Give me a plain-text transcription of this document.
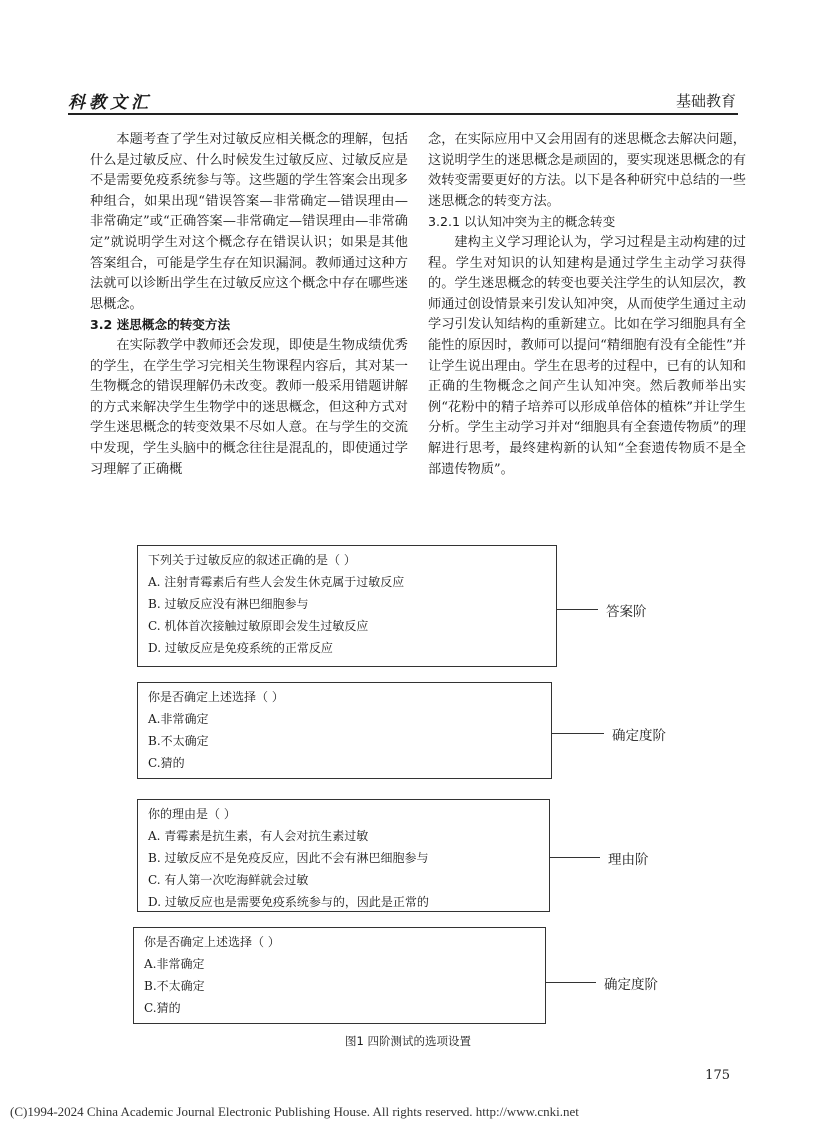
科教文汇	基础教育

本题考查了学生对过敏反应相关概念的理解，包括什么是过敏反应、什么时候发生过敏反应、过敏反应是不是需要免疫系统参与等。这些题的学生答案会出现多种组合，如果出现“错误答案—非常确定—错误理由—非常确定”或“正确答案—非常确定—错误理由—非常确定”就说明学生对这个概念存在错误认识；如果是其他答案组合，可能是学生存在知识漏洞。教师通过这种方法就可以诊断出学生在过敏反应这个概念中存在哪些迷思概念。

3.2 迷思概念的转变方法

在实际教学中教师还会发现，即使是生物成绩优秀的学生，在学生学习完相关生物课程内容后，其对某一生物概念的错误理解仍未改变。教师一般采用错题讲解的方式来解决学生生物学中的迷思概念，但这种方式对学生迷思概念的转变效果不尽如人意。在与学生的交流中发现，学生头脑中的概念往往是混乱的，即使通过学习理解了正确概

念，在实际应用中又会用固有的迷思概念去解决问题，这说明学生的迷思概念是顽固的，要实现迷思概念的有效转变需要更好的方法。以下是各种研究中总结的一些迷思概念的转变方法。

3.2.1 以认知冲突为主的概念转变

建构主义学习理论认为，学习过程是主动构建的过程。学生对知识的认知建构是通过学生主动学习获得的。学生迷思概念的转变也要关注学生的认知层次，教师通过创设情景来引发认知冲突，从而使学生通过主动学习引发认知结构的重新建立。比如在学习细胞具有全能性的原因时，教师可以提问“精细胞有没有全能性”并让学生说出理由。学生在思考的过程中，已有的认知和正确的生物概念之间产生认知冲突。然后教师举出实例“花粉中的精子培养可以形成单倍体的植株”并让学生分析。学生主动学习并对“细胞具有全套遗传物质”的理解进行思考，最终建构新的认知“全套遗传物质不是全部遗传物质”。

下列关于过敏反应的叙述正确的是（ ）
A. 注射青霉素后有些人会发生休克属于过敏反应
B. 过敏反应没有淋巴细胞参与
C. 机体首次接触过敏原即会发生过敏反应
D. 过敏反应是免疫系统的正常反应
答案阶
你是否确定上述选择（ ）
A.非常确定
B.不太确定
C.猜的
确定度阶
你的理由是（ ）
A. 青霉素是抗生素，有人会对抗生素过敏
B. 过敏反应不是免疫反应，因此不会有淋巴细胞参与
C. 有人第一次吃海鲜就会过敏
D. 过敏反应也是需要免疫系统参与的，因此是正常的
理由阶
你是否确定上述选择（ ）
A.非常确定
B.不太确定
C.猜的
确定度阶
图1 四阶测试的选项设置
175
(C)1994-2024 China Academic Journal Electronic Publishing House. All rights reserved. http://www.cnki.net
